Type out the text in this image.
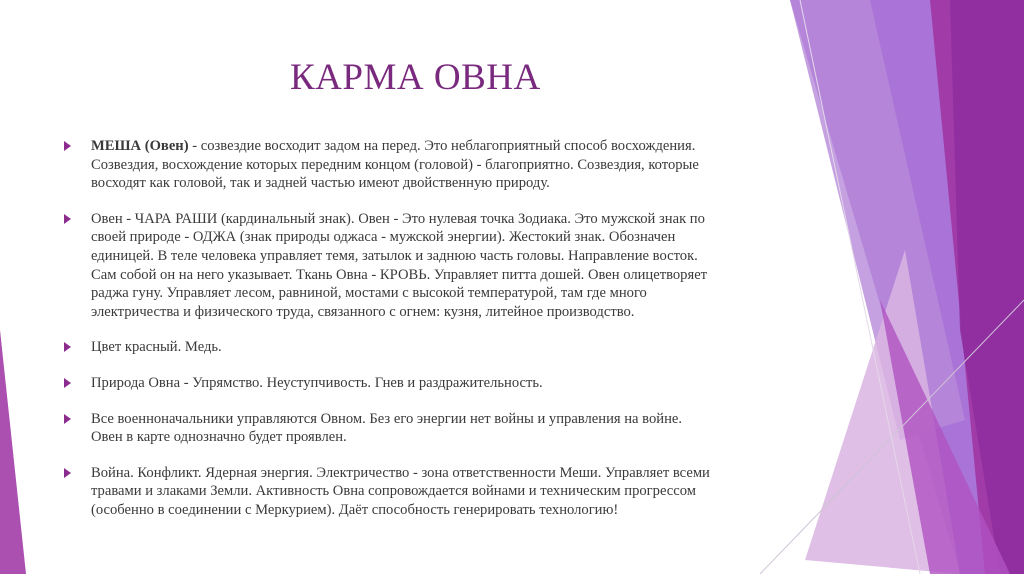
КАРМА ОВНА
МЕША (Овен) - созвездие восходит задом на перед. Это неблагоприятный способ восхождения.
Созвездия, восхождение которых передним концом (головой) - благоприятно. Созвездия, которые
восходят как головой, так и задней частью имеют двойственную природу.
Овен - ЧАРА РАШИ (кардинальный знак). Овен - Это нулевая точка Зодиака. Это мужской знак по
своей природе - ОДЖА (знак природы оджаса - мужской энергии). Жестокий знак. Обозначен
единицей. В теле человека управляет темя, затылок и заднюю часть головы. Направление восток.
Сам собой он на него указывает. Ткань Овна - КРОВЬ. Управляет питта дошей. Овен олицетворяет
раджа гуну. Управляет лесом, равниной, мостами с высокой температурой, там где много
электричества и физического труда, связанного с огнем: кузня, литейное производство.
Цвет красный. Медь.
Природа Овна - Упрямство. Неуступчивость. Гнев и раздражительность.
Все военноначальники управляются Овном. Без его энергии нет войны и управления на войне.
Овен в карте однозначно будет проявлен.
Война. Конфликт. Ядерная энергия. Электричество - зона ответственности Меши. Управляет всеми
травами и злаками Земли. Активность Овна сопровождается войнами и техническим прогрессом
(особенно в соединении с Меркурием). Даёт способность генерировать технологию!
